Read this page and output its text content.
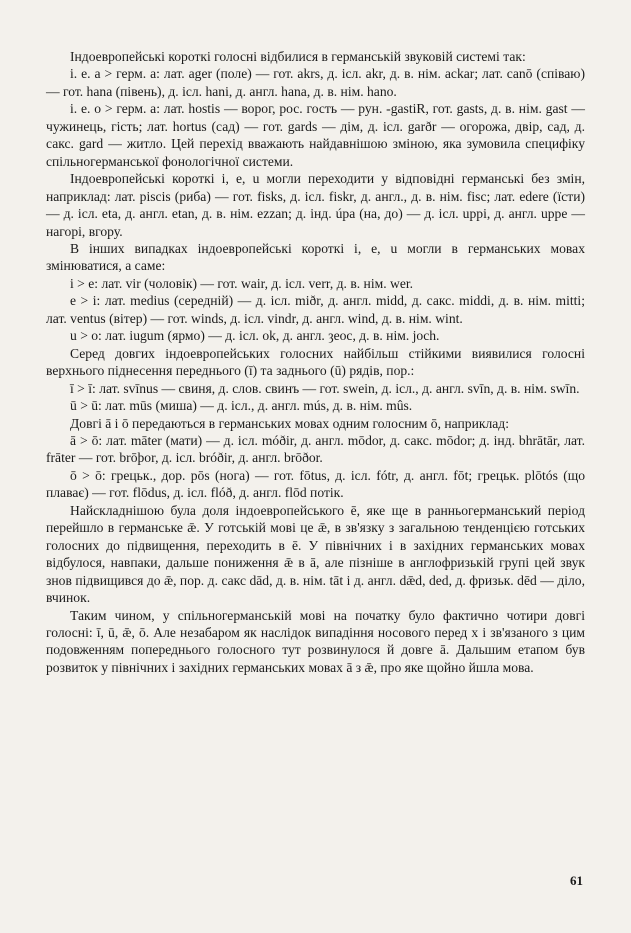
Індоевропейські короткі голосні відбилися в германській звуковій системі так:

і. е. а > герм. а: лат. ager (поле) — гот. akrs, д. ісл. akr, д. в. нім. ackar; лат. canō (співаю) — гот. hana (півень), д. ісл. hani, д. англ. hana, д. в. нім. hano.

і. е. о > герм. а: лат. hostis — ворог, рос. гость — рун. -gastiR, гот. gasts, д. в. нім. gast — чужинець, гість; лат. hortus (сад) — гот. gards — дім, д. ісл. garðr — огорожа, двір, сад, д. сакс. gard — житло. Цей перехід вважають найдавнішою зміною, яка зумовила специфіку спільногерманської фонологічної системи.

Індоевропейські короткі і, е, u могли переходити у відповідні германські без змін, наприклад: лат. piscis (риба) — гот. fisks, д. ісл. fiskr, д. англ., д. в. нім. fisc; лат. edere (їсти) — д. ісл. eta, д. англ. etan, д. в. нім. ezzan; д. інд. úpa (на, до) — д. ісл. uppi, д. англ. uppe — нагорі, вгору.

В інших випадках індоевропейські короткі і, е, u могли в германських мовах змінюватися, а саме:

і > е: лат. vir (чоловік) — гот. wair, д. ісл. verr, д. в. нім. wer.

е > і: лат. medius (середній) — д. ісл. miðr, д. англ. midd, д. сакс. middi, д. в. нім. mitti; лат. ventus (вітер) — гот. winds, д. ісл. vindr, д. англ. wind, д. в. нім. wint.

u > о: лат. iugum (ярмо) — д. ісл. ok, д. англ. ȝeoc, д. в. нім. joch.

Серед довгих індоевропейських голосних найбільш стійкими виявилися голосні верхнього піднесення переднього (ī) та заднього (ū) рядів, пор.:

ī > ī: лат. svīnus — свиня, д. слов. свинъ — гот. swein, д. ісл., д. англ. svīn, д. в. нім. swīn.

ū > ū: лат. mūs (миша) — д. ісл., д. англ. mús, д. в. нім. mûs.

Довгі ā і ō передаються в германських мовах одним голосним ō, наприклад:

ā > ō: лат. māter (мати) — д. ісл. móðir, д. англ. mōdor, д. сакс. mōdor; д. інд. bhrātār, лат. frāter — гот. brōþor, д. ісл. bróðir, д. англ. brōðor.

ō > ō: грецьк., дор. pōs (нога) — гот. fōtus, д. ісл. fótr, д. англ. fōt; грецьк. plōtós (що плаває) — гот. flōdus, д. ісл. flóð, д. англ. flōd потік.

Найскладнішою була доля індоевропейського ē, яке ще в ранньогерманський період перейшло в германське ǣ. У готській мові це ǣ, в зв'язку з загальною тенденцією готських голосних до підвищення, переходить в ē. У північних і в західних германських мовах відбулося, навпаки, дальше пониження ǣ в ā, але пізніше в англофризькій групі цей звук знов підвищився до ǣ, пор. д. сакс dād, д. в. нім. tāt і д. англ. dǣd, ded, д. фризьк. dēd — діло, вчинок.

Таким чином, у спільногерманській мові на початку було фактично чотири довгі голосні: ī, ū, ǣ, ō. Але незабаром як наслідок випадіння носового перед x і зв'язаного з цим подовженням попереднього голосного тут розвинулося й довге ā. Дальшим етапом був розвиток у північних і західних германських мовах ā з ǣ, про яке щойно йшла мова.

61
